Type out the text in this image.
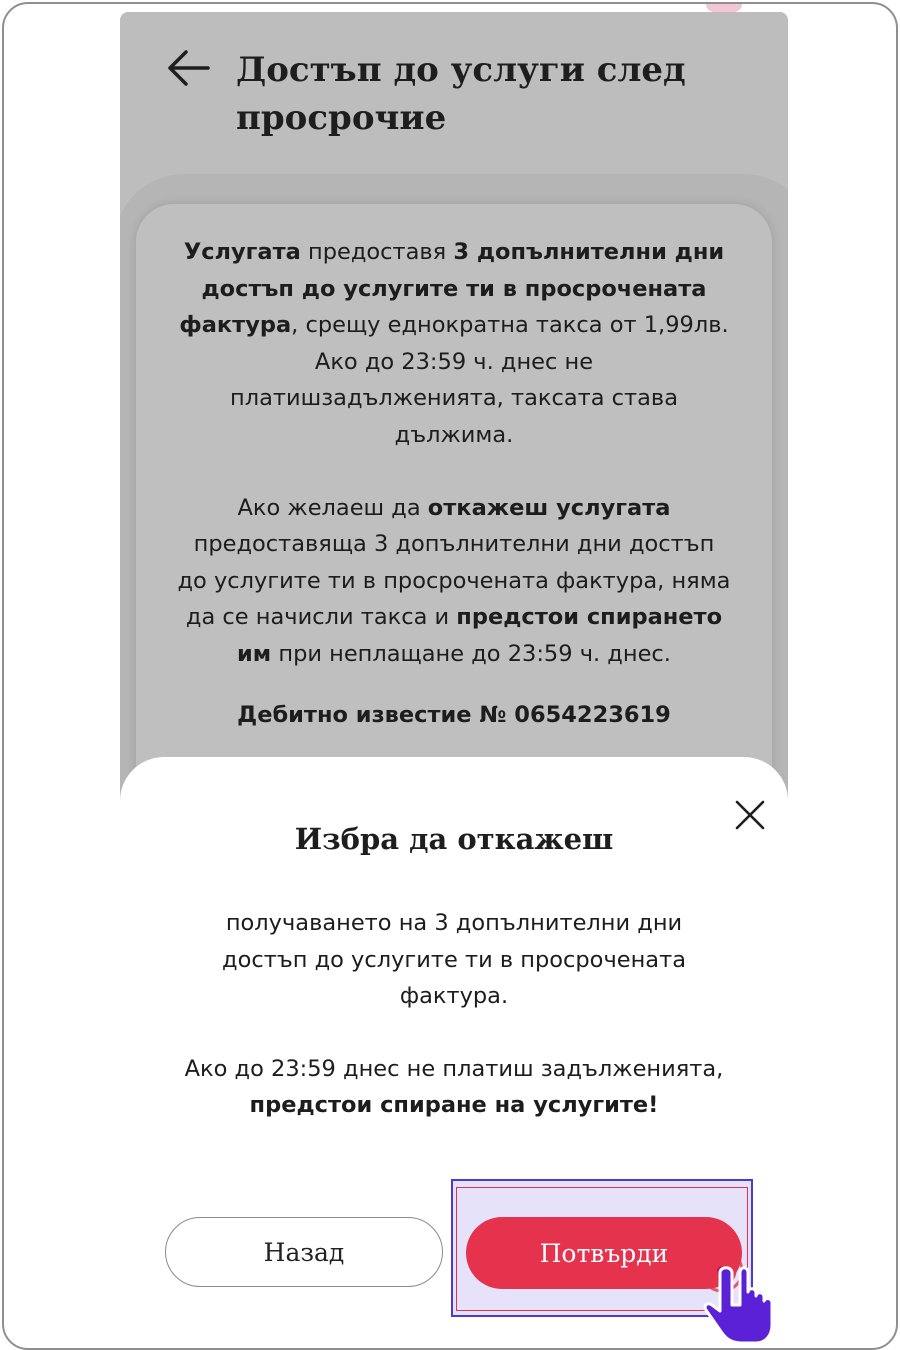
Достъп до услуги след просрочие

Услугата предоставя 3 допълнителни дни достъп до услугите ти в просрочената фактура, срещу еднократна такса от 1,99лв. Ако до 23:59 ч. днес не платишзадълженията, таксата става дължима.

Ако желаеш да откажеш услугата предоставяща 3 допълнителни дни достъп до услугите ти в просрочената фактура, няма да се начисли такса и предстои спирането им при неплащане до 23:59 ч. днес.

Дебитно известие № 0654223619

Избра да откажеш

получаването на 3 допълнителни дни достъп до услугите ти в просрочената фактура.

Ако до 23:59 днес не платиш задълженията, предстои спиране на услугите!

Назад	Потвърди
